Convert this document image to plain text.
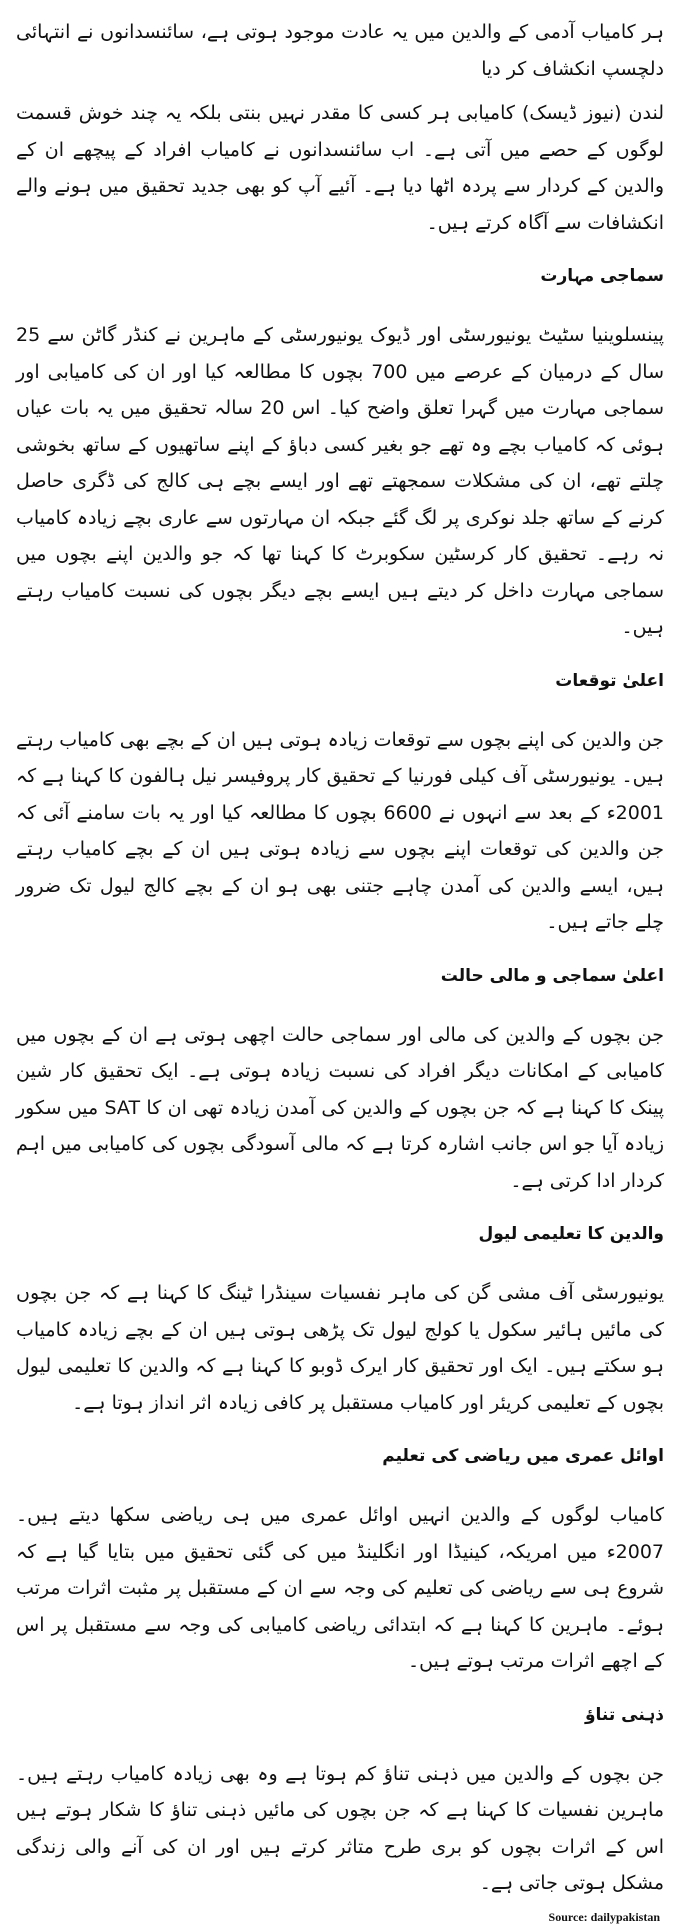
ہر کامیاب آدمی کے والدین میں یہ عادت موجود ہوتی ہے، سائنسدانوں نے انتہائی دلچسپ انکشاف کر دیا

لندن (نیوز ڈیسک) کامیابی ہر کسی کا مقدر نہیں بنتی بلکہ یہ چند خوش قسمت لوگوں کے حصے میں آتی ہے۔ اب سائنسدانوں نے کامیاب افراد کے پیچھے ان کے والدین کے کردار سے پردہ اٹھا دیا ہے۔ آئیے آپ کو بھی جدید تحقیق میں ہونے والے انکشافات سے آگاہ کرتے ہیں۔

سماجی مہارت

پینسلوینیا سٹیٹ یونیورسٹی اور ڈیوک یونیورسٹی کے ماہرین نے کنڈر گاٹن سے 25 سال کے درمیان کے عرصے میں 700 بچوں کا مطالعہ کیا اور ان کی کامیابی اور سماجی مہارت میں گہرا تعلق واضح کیا۔ اس 20 سالہ تحقیق میں یہ بات عیاں ہوئی کہ کامیاب بچے وہ تھے جو بغیر کسی دباؤ کے اپنے ساتھیوں کے ساتھ بخوشی چلتے تھے، ان کی مشکلات سمجھتے تھے اور ایسے بچے ہی کالج کی ڈگری حاصل کرنے کے ساتھ جلد نوکری پر لگ گئے جبکہ ان مہارتوں سے عاری بچے زیادہ کامیاب نہ رہے۔ تحقیق کار کرسٹین سکوبرٹ کا کہنا تھا کہ جو والدین اپنے بچوں میں سماجی مہارت داخل کر دیتے ہیں ایسے بچے دیگر بچوں کی نسبت کامیاب رہتے ہیں۔

اعلیٰ توقعات

جن والدین کی اپنے بچوں سے توقعات زیادہ ہوتی ہیں ان کے بچے بھی کامیاب رہتے ہیں۔ یونیورسٹی آف کیلی فورنیا کے تحقیق کار پروفیسر نیل ہالفون کا کہنا ہے کہ 2001ء کے بعد سے انہوں نے 6600 بچوں کا مطالعہ کیا اور یہ بات سامنے آئی کہ جن والدین کی توقعات اپنے بچوں سے زیادہ ہوتی ہیں ان کے بچے کامیاب رہتے ہیں، ایسے والدین کی آمدن چاہے جتنی بھی ہو ان کے بچے کالج لیول تک ضرور چلے جاتے ہیں۔

اعلیٰ سماجی و مالی حالت

جن بچوں کے والدین کی مالی اور سماجی حالت اچھی ہوتی ہے ان کے بچوں میں کامیابی کے امکانات دیگر افراد کی نسبت زیادہ ہوتی ہے۔ ایک تحقیق کار شین پینک کا کہنا ہے کہ جن بچوں کے والدین کی آمدن زیادہ تھی ان کا SAT میں سکور زیادہ آیا جو اس جانب اشارہ کرتا ہے کہ مالی آسودگی بچوں کی کامیابی میں اہم کردار ادا کرتی ہے۔

والدین کا تعلیمی لیول

یونیورسٹی آف مشی گن کی ماہر نفسیات سینڈرا ٹینگ کا کہنا ہے کہ جن بچوں کی مائیں ہائیر سکول یا کولج لیول تک پڑھی ہوتی ہیں ان کے بچے زیادہ کامیاب ہو سکتے ہیں۔ ایک اور تحقیق کار ایرک ڈوبو کا کہنا ہے کہ والدین کا تعلیمی لیول بچوں کے تعلیمی کریئر اور کامیاب مستقبل پر کافی زیادہ اثر انداز ہوتا ہے۔

اوائل عمری میں ریاضی کی تعلیم

کامیاب لوگوں کے والدین انہیں اوائل عمری میں ہی ریاضی سکھا دیتے ہیں۔ 2007ء میں امریکہ، کینیڈا اور انگلینڈ میں کی گئی تحقیق میں بتایا گیا ہے کہ شروع ہی سے ریاضی کی تعلیم کی وجہ سے ان کے مستقبل پر مثبت اثرات مرتب ہوئے۔ ماہرین کا کہنا ہے کہ ابتدائی ریاضی کامیابی کی وجہ سے مستقبل پر اس کے اچھے اثرات مرتب ہوتے ہیں۔

ذہنی تناؤ

جن بچوں کے والدین میں ذہنی تناؤ کم ہوتا ہے وہ بھی زیادہ کامیاب رہتے ہیں۔ ماہرین نفسیات کا کہنا ہے کہ جن بچوں کی مائیں ذہنی تناؤ کا شکار ہوتے ہیں اس کے اثرات بچوں کو بری طرح متاثر کرتے ہیں اور ان کی آنے والی زندگی مشکل ہوتی جاتی ہے۔

Source: dailypakistan
